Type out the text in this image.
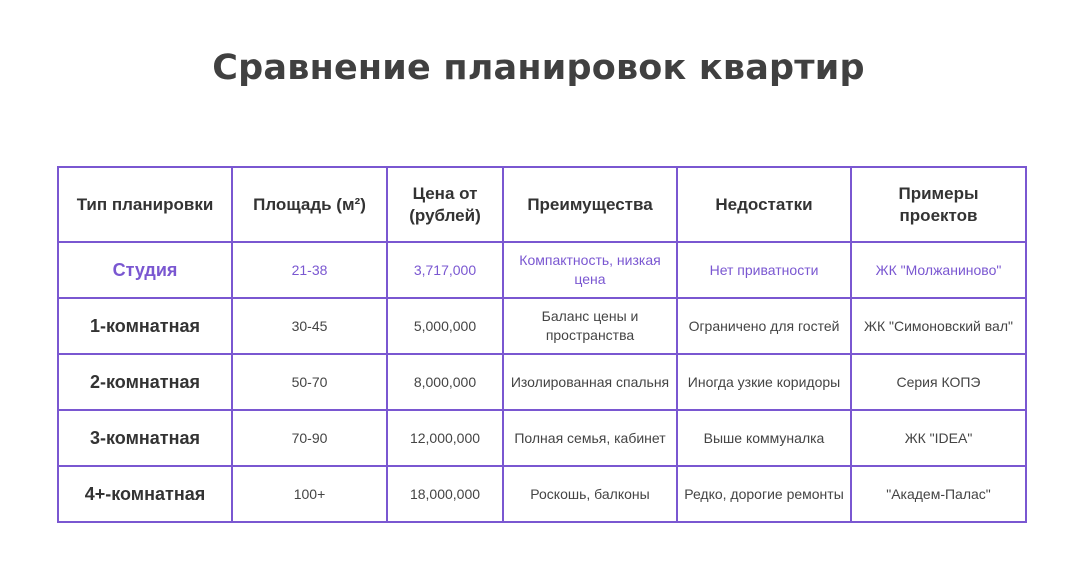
Сравнение планировок квартир
Тип планировки	Площадь (м²)	Цена от (рублей)	Преимущества	Недостатки	Примеры проектов
Студия	21-38	3,717,000	Компактность, низкая цена	Нет приватности	ЖК "Молжаниново"
1-комнатная	30-45	5,000,000	Баланс цены и пространства	Ограничено для гостей	ЖК "Симоновский вал"
2-комнатная	50-70	8,000,000	Изолированная спальня	Иногда узкие коридоры	Серия КОПЭ
3-комнатная	70-90	12,000,000	Полная семья, кабинет	Выше коммуналка	ЖК "IDEA"
4+-комнатная	100+	18,000,000	Роскошь, балконы	Редко, дорогие ремонты	"Академ-Палас"
